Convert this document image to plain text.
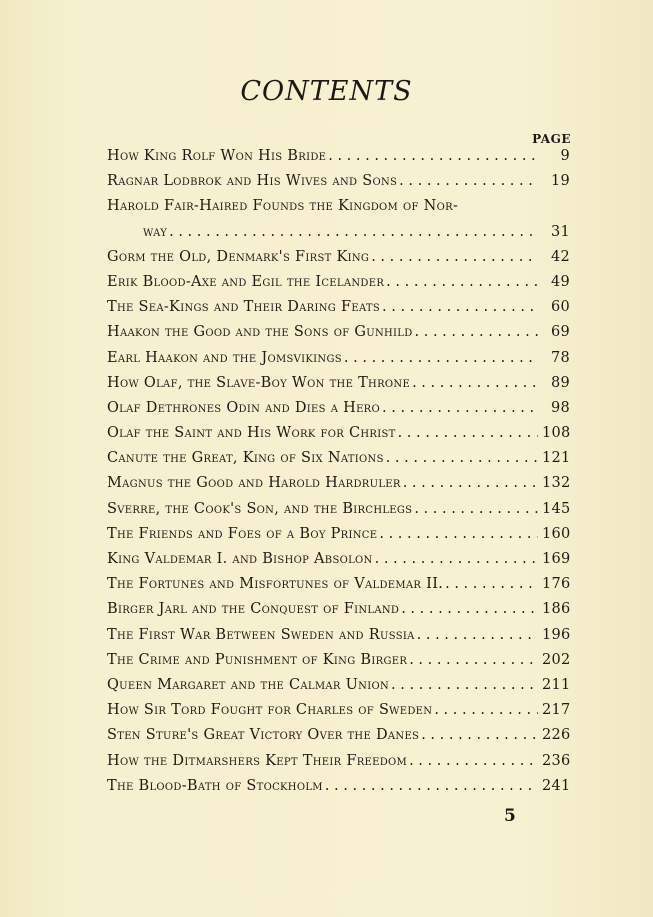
CONTENTS
PAGE
How King Rolf Won His Bride . . .	9
Ragnar Lodbrok and His Wives and Sons . . .	19
Harold Fair-Haired Founds the Kingdom of Nor-
way . . .	31
Gorm the Old, Denmark's First King . . .	42
Erik Blood-Axe and Egil the Icelander . . .	49
The Sea-Kings and Their Daring Feats . . .	60
Haakon the Good and the Sons of Gunhild . . .	69
Earl Haakon and the Jomsvikings . . .	78
How Olaf, the Slave-Boy Won the Throne . . .	89
Olaf Dethrones Odin and Dies a Hero . . .	98
Olaf the Saint and His Work for Christ . . .	108
Canute the Great, King of Six Nations . . .	121
Magnus the Good and Harold Hardruler . . .	132
Sverre, the Cook's Son, and the Birchlegs . . .	145
The Friends and Foes of a Boy Prince . . .	160
King Valdemar I. and Bishop Absolon . . .	169
The Fortunes and Misfortunes of Valdemar II. . . .	176
Birger Jarl and the Conquest of Finland . . .	186
The First War Between Sweden and Russia . . .	196
The Crime and Punishment of King Birger . . .	202
Queen Margaret and the Calmar Union . . .	211
How Sir Tord Fought for Charles of Sweden . . .	217
Sten Sture's Great Victory Over the Danes . . .	226
How the Ditmarshers Kept Their Freedom . . .	236
The Blood-Bath of Stockholm . . .	241
5
